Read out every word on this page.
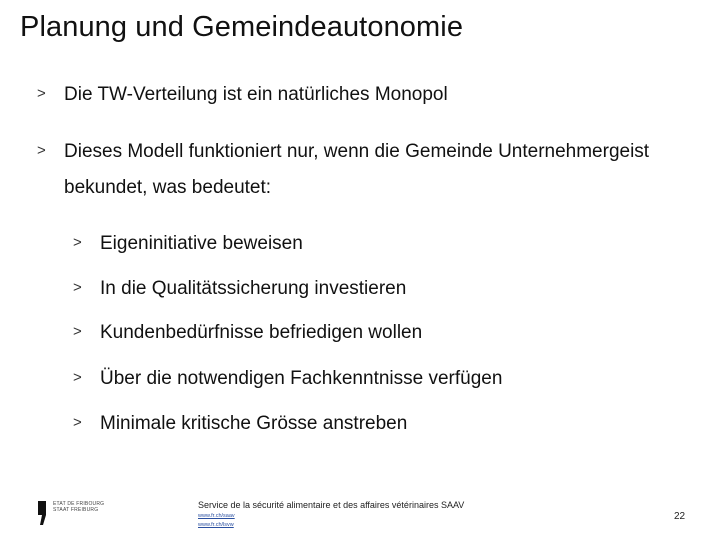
Planung und Gemeindeautonomie
> Die TW-Verteilung ist ein natürliches Monopol
> Dieses Modell funktioniert nur, wenn die Gemeinde Unternehmergeist
bekundet, was bedeutet:
> Eigeninitiative beweisen
> In die Qualitätssicherung investieren
> Kundenbedürfnisse befriedigen wollen
> Über die notwendigen Fachkenntnisse verfügen
> Minimale kritische Grösse anstreben
ETAT DE FRIBOURG
STAAT FREIBURG	Service de la sécurité alimentaire et des affaires vétérinaires SAAV
www.fr.ch/saav
www.fr.ch/lsvw
22
